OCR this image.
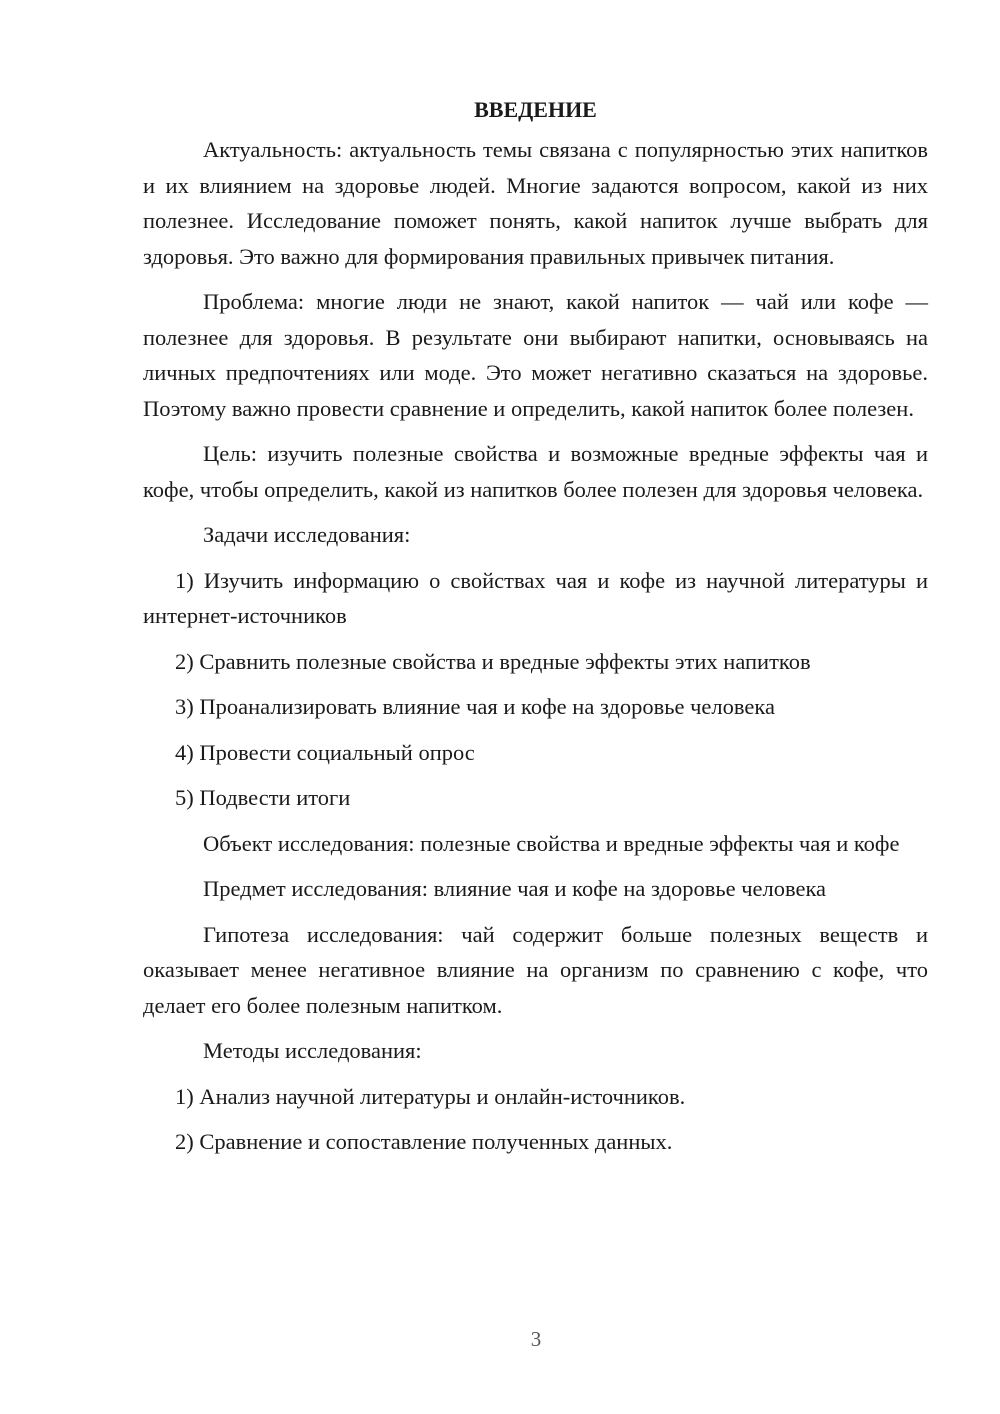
ВВЕДЕНИЕ

Актуальность: актуальность темы связана с популярностью этих напитков и их влиянием на здоровье людей. Многие задаются вопросом, какой из них полезнее. Исследование поможет понять, какой напиток лучше выбрать для здоровья. Это важно для формирования правильных привычек питания.

Проблема: многие люди не знают, какой напиток — чай или кофе — полезнее для здоровья. В результате они выбирают напитки, основываясь на личных предпочтениях или моде. Это может негативно сказаться на здоровье. Поэтому важно провести сравнение и определить, какой напиток более полезен.

Цель: изучить полезные свойства и возможные вредные эффекты чая и кофе, чтобы определить, какой из напитков более полезен для здоровья человека.

Задачи исследования:

1) Изучить информацию о свойствах чая и кофе из научной литературы и интернет-источников

2) Сравнить полезные свойства и вредные эффекты этих напитков

3) Проанализировать влияние чая и кофе на здоровье человека

4) Провести социальный опрос

5) Подвести итоги

Объект исследования: полезные свойства и вредные эффекты чая и кофе

Предмет исследования: влияние чая и кофе на здоровье человека

Гипотеза исследования: чай содержит больше полезных веществ и оказывает менее негативное влияние на организм по сравнению с кофе, что делает его более полезным напитком.

Методы исследования:

1) Анализ научной литературы и онлайн-источников.

2) Сравнение и сопоставление полученных данных.

3
